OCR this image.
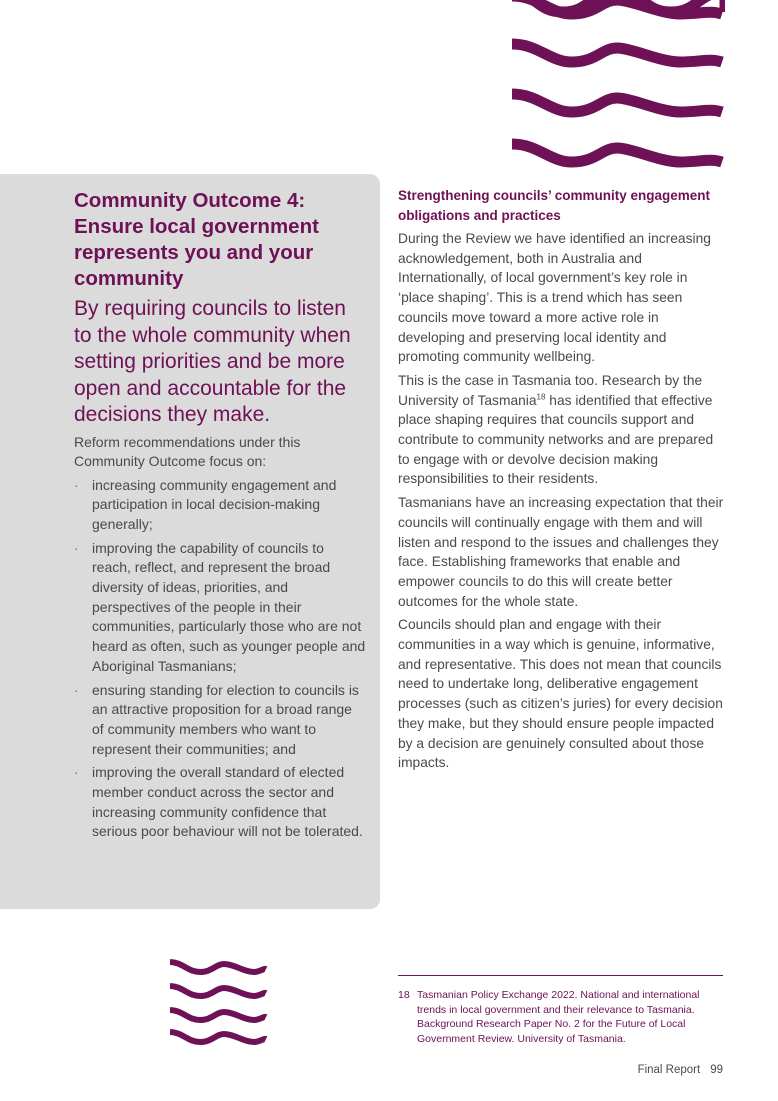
Community Outcome 4: Ensure local government represents you and your community

By requiring councils to listen to the whole community when setting priorities and be more open and accountable for the decisions they make.

Reform recommendations under this Community Outcome focus on:

· increasing community engagement and participation in local decision-making generally;
· improving the capability of councils to reach, reflect, and represent the broad diversity of ideas, priorities, and perspectives of the people in their communities, particularly those who are not heard as often, such as younger people and Aboriginal Tasmanians;
· ensuring standing for election to councils is an attractive proposition for a broad range of community members who want to represent their communities; and
· improving the overall standard of elected member conduct across the sector and increasing community confidence that serious poor behaviour will not be tolerated.
Strengthening councils’ community engagement obligations and practices

During the Review we have identified an increasing acknowledgement, both in Australia and Internationally, of local government’s key role in ‘place shaping’. This is a trend which has seen councils move toward a more active role in developing and preserving local identity and promoting community wellbeing.

This is the case in Tasmania too. Research by the University of Tasmania$^{18}$ has identified that effective place shaping requires that councils support and contribute to community networks and are prepared to engage with or devolve decision making responsibilities to their residents.

Tasmanians have an increasing expectation that their councils will continually engage with them and will listen and respond to the issues and challenges they face. Establishing frameworks that enable and empower councils to do this will create better outcomes for the whole state.

Councils should plan and engage with their communities in a way which is genuine, informative, and representative. This does not mean that councils need to undertake long, deliberative engagement processes (such as citizen’s juries) for every decision they make, but they should ensure people impacted by a decision are genuinely consulted about those impacts.

18 Tasmanian Policy Exchange 2022. National and international trends in local government and their relevance to Tasmania. Background Research Paper No. 2 for the Future of Local Government Review. University of Tasmania.
Final Report 99
